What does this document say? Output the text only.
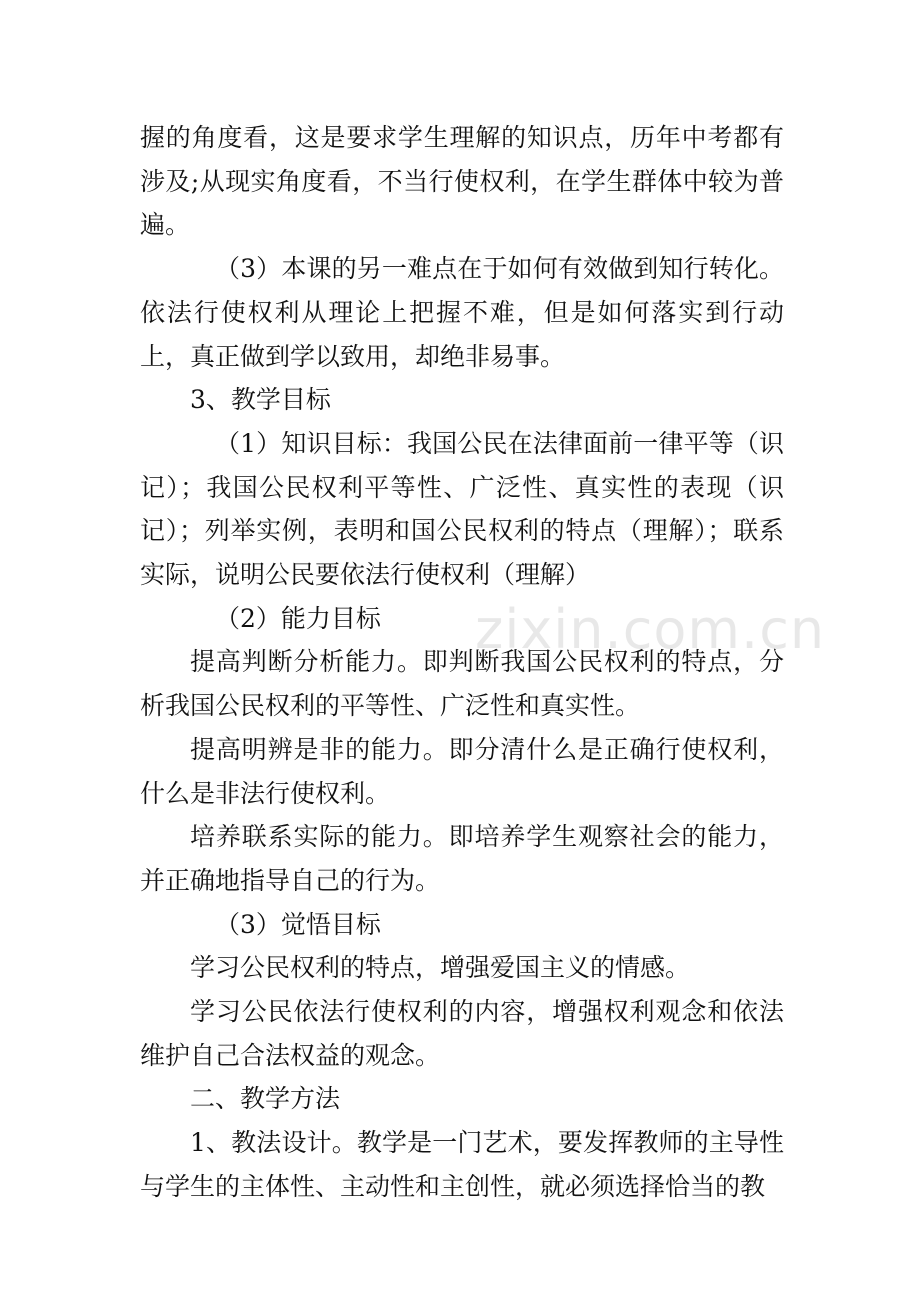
握的角度看，这是要求学生理解的知识点，历年中考都有涉及;从现实角度看，不当行使权利，在学生群体中较为普遍。

（3）本课的另一难点在于如何有效做到知行转化。依法行使权利从理论上把握不难，但是如何落实到行动上，真正做到学以致用，却绝非易事。

3、教学目标

（1）知识目标：我国公民在法律面前一律平等（识记）；我国公民权利平等性、广泛性、真实性的表现（识记）；列举实例，表明和国公民权利的特点（理解）；联系实际，说明公民要依法行使权利（理解）

（2）能力目标

提高判断分析能力。即判断我国公民权利的特点，分析我国公民权利的平等性、广泛性和真实性。

提高明辨是非的能力。即分清什么是正确行使权利，什么是非法行使权利。

培养联系实际的能力。即培养学生观察社会的能力，并正确地指导自己的行为。

（3）觉悟目标

学习公民权利的特点，增强爱国主义的情感。

学习公民依法行使权利的内容，增强权利观念和依法维护自己合法权益的观念。

二、教学方法

1、教法设计。教学是一门艺术，要发挥教师的主导性与学生的主体性、主动性和主创性，就必须选择恰当的教

zixin.com.cn
